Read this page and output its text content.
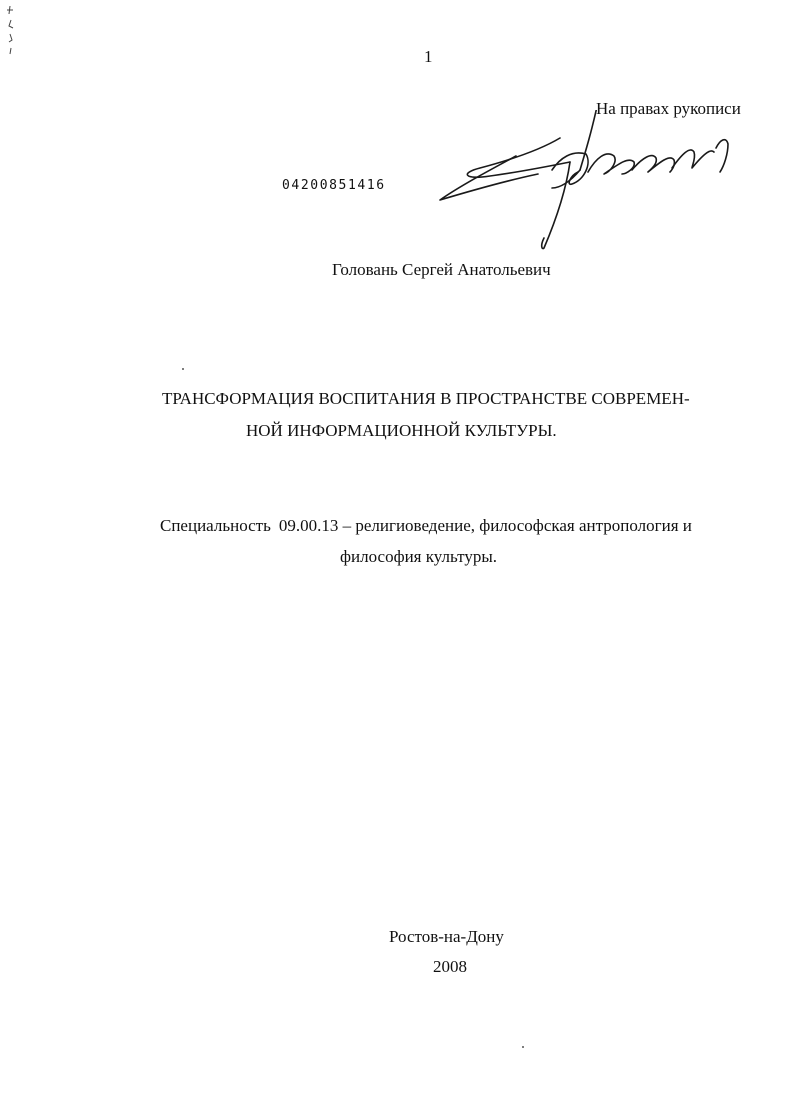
1
На правах рукописи
04200851416
Головань Сергей Анатольевич
ТРАНСФОРМАЦИЯ ВОСПИТАНИЯ В ПРОСТРАНСТВЕ СОВРЕМЕН-
НОЙ ИНФОРМАЦИОННОЙ КУЛЬТУРЫ.
Специальность 09.00.13 – религиоведение, философская антропология и
философия культуры.
Ростов-на-Дону
2008
